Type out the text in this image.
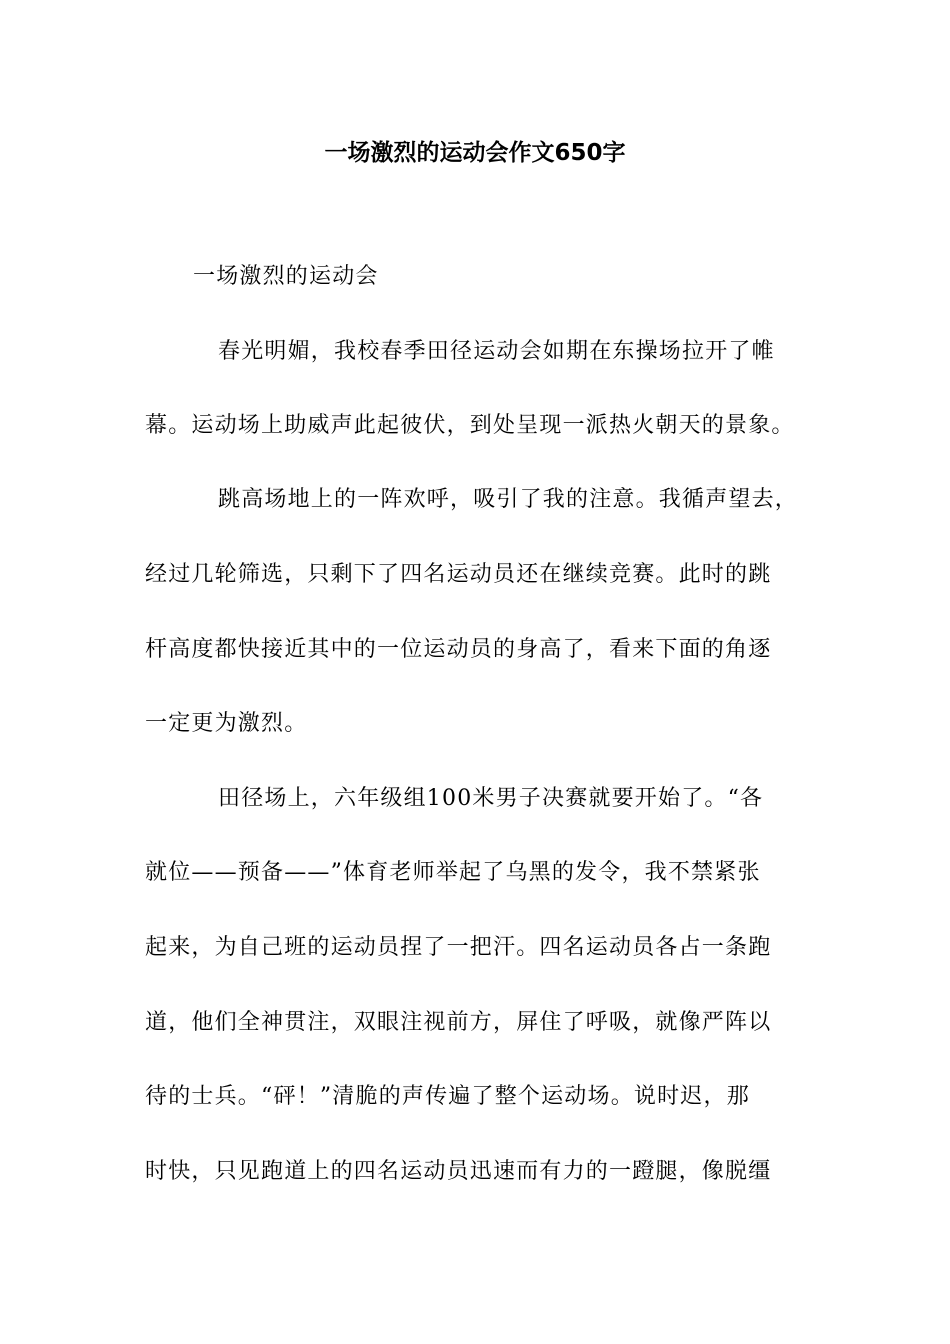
一场激烈的运动会作文650字
一场激烈的运动会
春光明媚，我校春季田径运动会如期在东操场拉开了帷
幕。运动场上助威声此起彼伏，到处呈现一派热火朝天的景象。
跳高场地上的一阵欢呼，吸引了我的注意。我循声望去，
经过几轮筛选，只剩下了四名运动员还在继续竞赛。此时的跳
杆高度都快接近其中的一位运动员的身高了，看来下面的角逐
一定更为激烈。
田径场上，六年级组100米男子决赛就要开始了。“各
就位——预备——”体育老师举起了乌黑的发令，我不禁紧张
起来，为自己班的运动员捏了一把汗。四名运动员各占一条跑
道，他们全神贯注，双眼注视前方，屏住了呼吸，就像严阵以
待的士兵。“砰！”清脆的声传遍了整个运动场。说时迟，那
时快，只见跑道上的四名运动员迅速而有力的一蹬腿，像脱缰
